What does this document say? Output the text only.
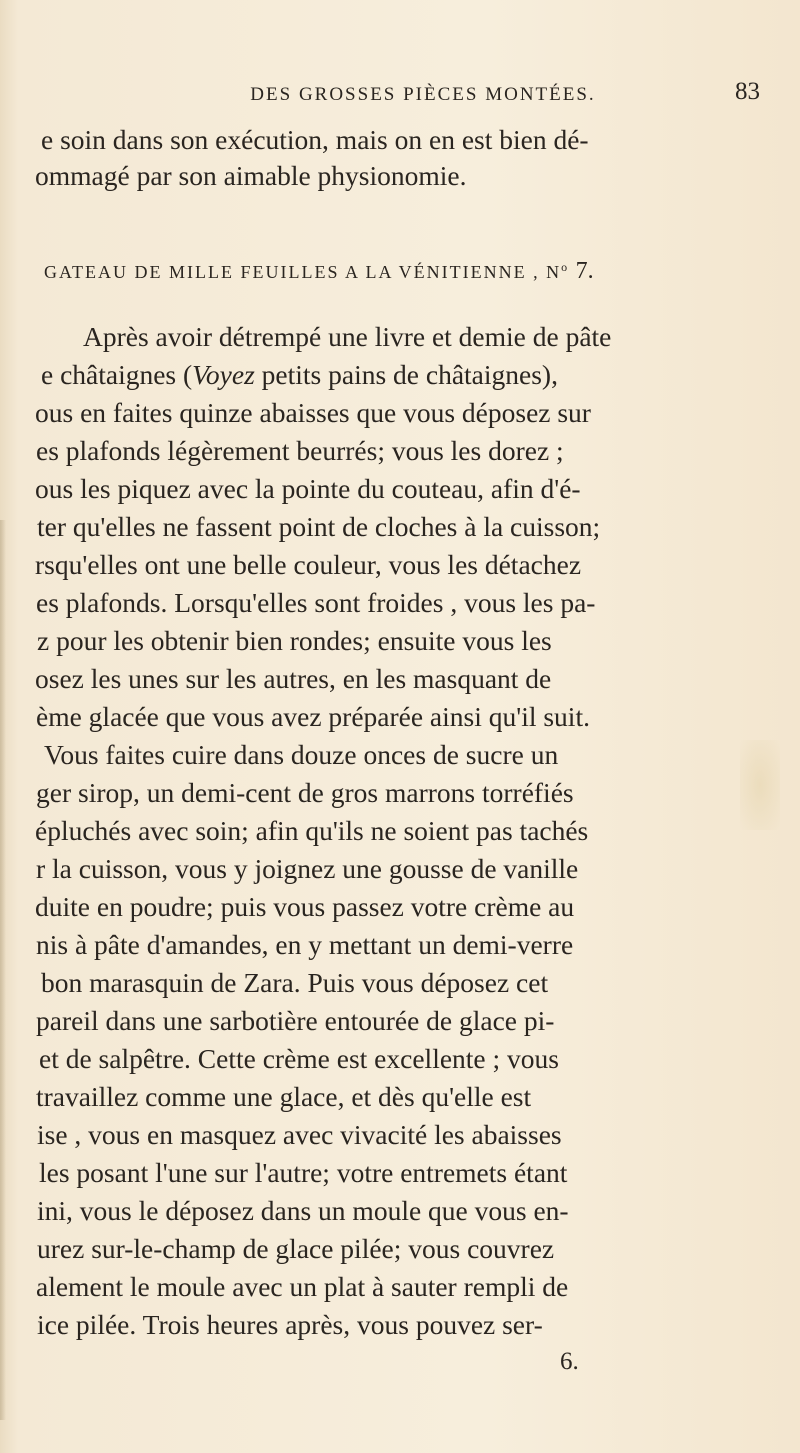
DES GROSSES PIÈCES MONTÉES.	83
e soin dans son exécution, mais on en est bien dé-
ommagé par son aimable physionomie.
GATEAU DE MILLE FEUILLES A LA VÉNITIENNE , $N^o$ 7.
Après avoir détrempé une livre et demie de pâte
e châtaignes (Voyez petits pains de châtaignes),
ous en faites quinze abaisses que vous déposez sur
es plafonds légèrement beurrés; vous les dorez ;
ous les piquez avec la pointe du couteau, afin d'é-
ter qu'elles ne fassent point de cloches à la cuisson;
rsqu'elles ont une belle couleur, vous les détachez
es plafonds. Lorsqu'elles sont froides , vous les pa-
z pour les obtenir bien rondes; ensuite vous les
osez les unes sur les autres, en les masquant de
ème glacée que vous avez préparée ainsi qu'il suit.
Vous faites cuire dans douze onces de sucre un
ger sirop, un demi-cent de gros marrons torréfiés
épluchés avec soin; afin qu'ils ne soient pas tachés
r la cuisson, vous y joignez une gousse de vanille
duite en poudre; puis vous passez votre crème au
nis à pâte d'amandes, en y mettant un demi-verre
bon marasquin de Zara. Puis vous déposez cet
pareil dans une sarbotière entourée de glace pi-
et de salpêtre. Cette crème est excellente ; vous
travaillez comme une glace, et dès qu'elle est
ise , vous en masquez avec vivacité les abaisses
les posant l'une sur l'autre; votre entremets étant
ini, vous le déposez dans un moule que vous en-
urez sur-le-champ de glace pilée; vous couvrez
alement le moule avec un plat à sauter rempli de
ice pilée. Trois heures après, vous pouvez ser-
6.
